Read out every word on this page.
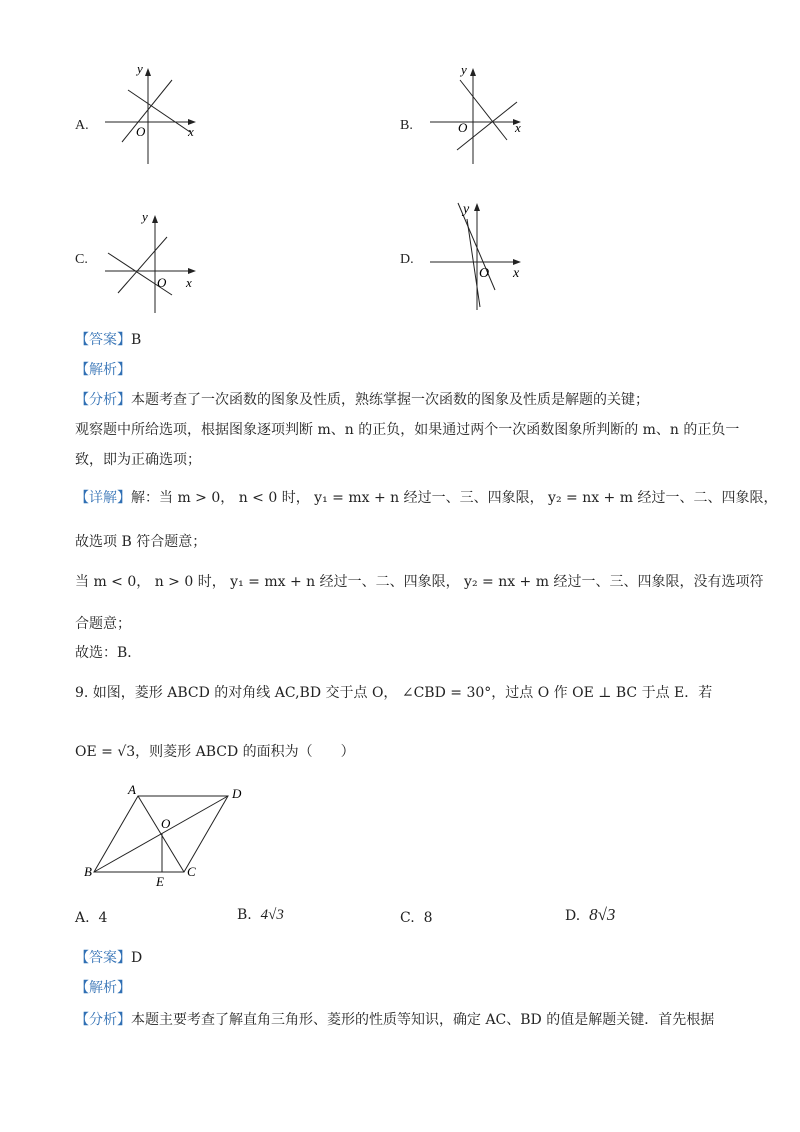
A.
y
x
O	B.
y
x
O
C.
y
x
O
D.
y
x
O
【答案】B
【解析】
【分析】本题考查了一次函数的图象及性质，熟练掌握一次函数的图象及性质是解题的关键；
观察题中所给选项，根据图象逐项判断 m、n 的正负，如果通过两个一次函数图象所判断的 m、n 的正负一
致，即为正确选项；
【详解】解：当 m > 0， n < 0 时， y₁ = mx + n 经过一、三、四象限， y₂ = nx + m 经过一、二、四象限，
故选项 B 符合题意；
当 m < 0， n > 0 时， y₁ = mx + n 经过一、二、四象限， y₂ = nx + m 经过一、三、四象限，没有选项符
合题意；
故选：B．
9. 如图，菱形 ABCD 的对角线 AC,BD 交于点 O， ∠CBD = 30°，过点 O 作 OE ⊥ BC 于点 E．若
OE = √3，则菱形 ABCD 的面积为（　　）
A	D
B	C
O
E
A. 4	B. 4√3	C. 8	D. 8√3
【答案】D
【解析】
【分析】本题主要考查了解直角三角形、菱形的性质等知识，确定 AC、BD 的值是解题关键．首先根据
